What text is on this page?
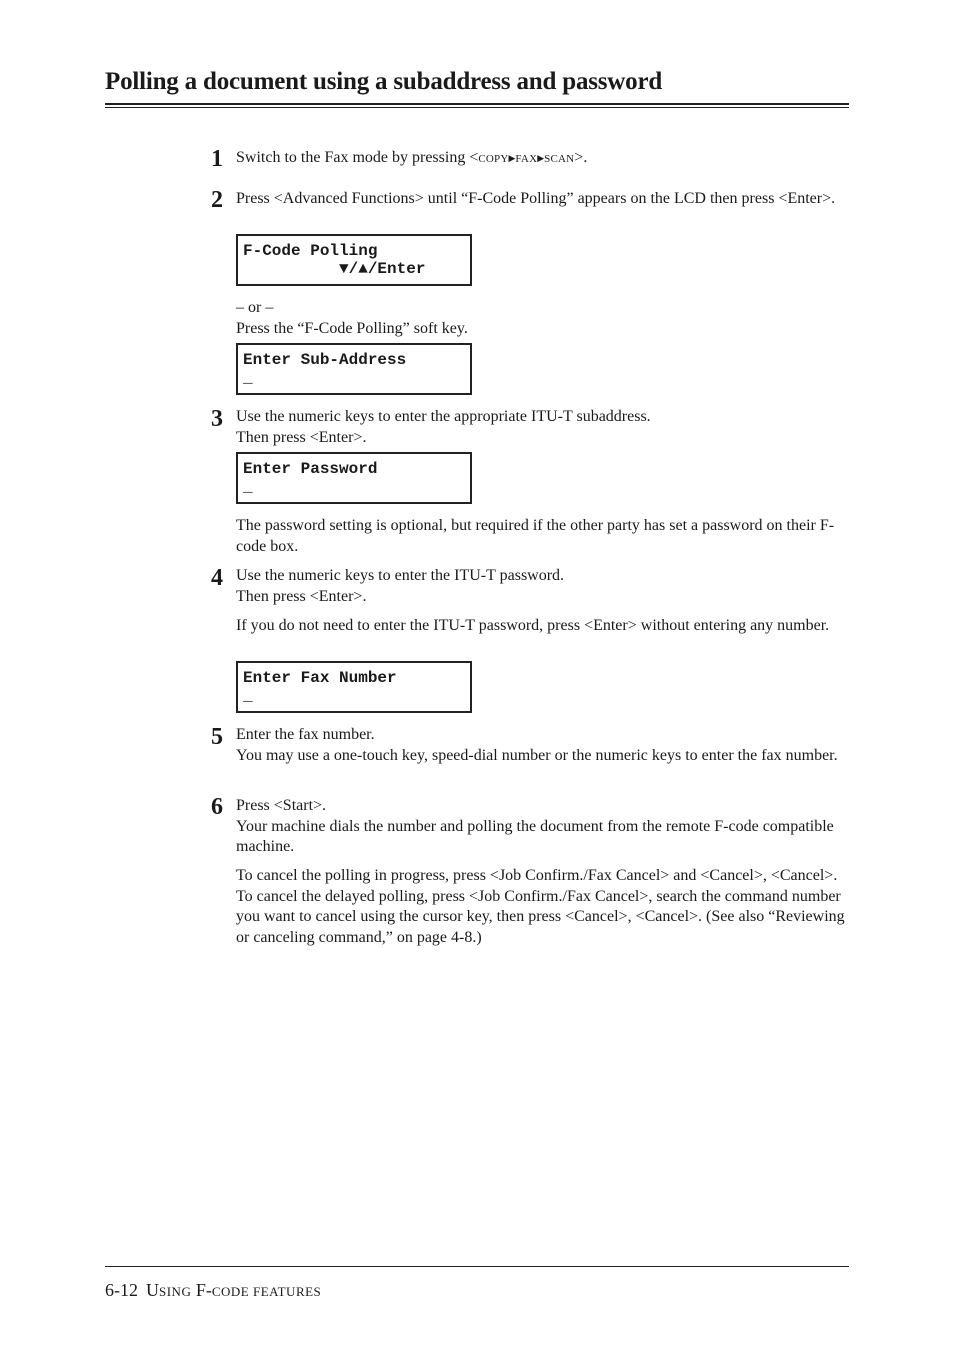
Polling a document using a subaddress and password
1 Switch to the Fax mode by pressing <COPY▶FAX▶SCAN>.
2 Press <Advanced Functions> until “F-Code Polling” appears on the LCD then press <Enter>.
F-Code Polling
▼/▲/Enter
– or –
Press the “F-Code Polling” soft key.
Enter Sub-Address
_
3 Use the numeric keys to enter the appropriate ITU-T subaddress.

Then press <Enter>.

Enter Password
_
The password setting is optional, but required if the other party has set a password on their F-code box.
4 Use the numeric keys to enter the ITU-T password.

Then press <Enter>.

If you do not need to enter the ITU-T password, press <Enter> without entering any number.
Enter Fax Number
_
5 Enter the fax number.

You may use a one-touch key, speed-dial number or the numeric keys to enter the fax number.

6 Press <Start>.

Your machine dials the number and polling the document from the remote F-code compatible machine.

To cancel the polling in progress, press <Job Confirm./Fax Cancel> and <Cancel>, <Cancel>.

To cancel the delayed polling, press <Job Confirm./Fax Cancel>, search the command number you want to cancel using the cursor key, then press <Cancel>, <Cancel>. (See also “Reviewing or canceling command,” on page 4-8.)

6-12 USING F-CODE FEATURES
